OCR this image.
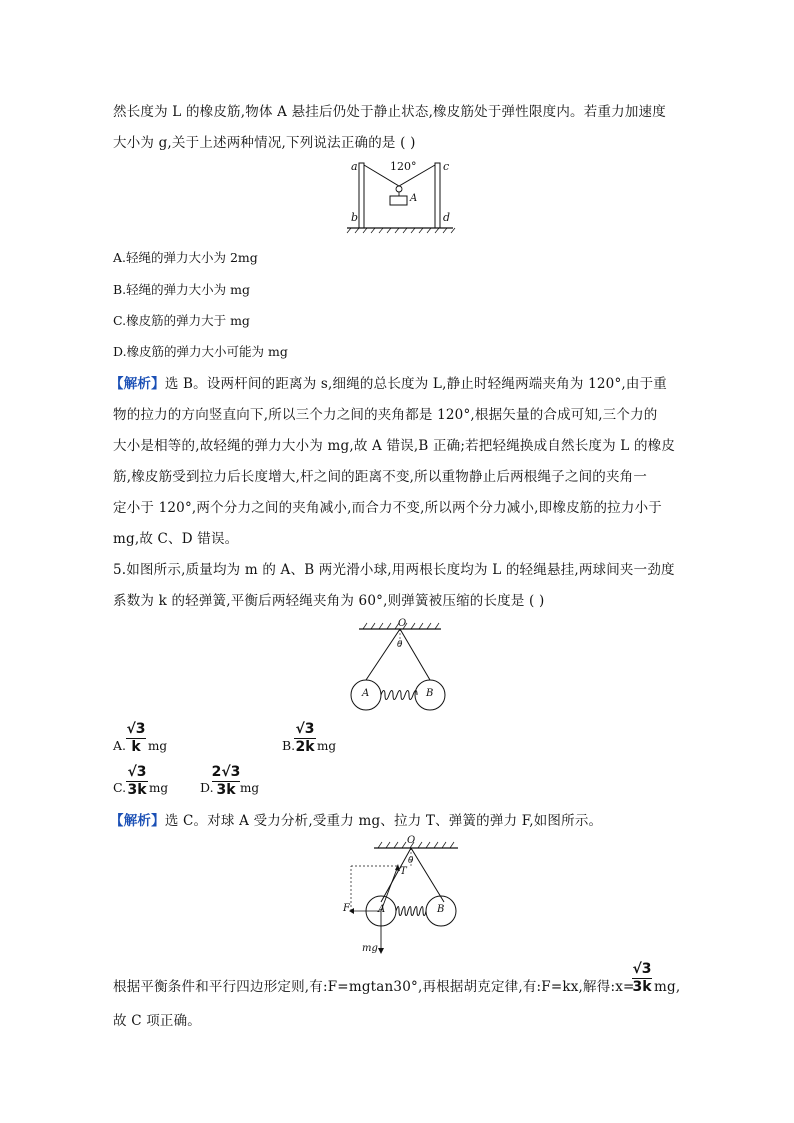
然长度为 L 的橡皮筋,物体 A 悬挂后仍处于静止状态,橡皮筋处于弹性限度内。若重力加速度
大小为 g,关于上述两种情况,下列说法正确的是 ( )
120°
a
b
c
d
A
A.轻绳的弹力大小为 2mg
B.轻绳的弹力大小为 mg
C.橡皮筋的弹力大于 mg
D.橡皮筋的弹力大小可能为 mg
【解析】选 B。设两杆间的距离为 s,细绳的总长度为 L,静止时轻绳两端夹角为 120°,由于重
物的拉力的方向竖直向下,所以三个力之间的夹角都是 120°,根据矢量的合成可知,三个力的
大小是相等的,故轻绳的弹力大小为 mg,故 A 错误,B 正确;若把轻绳换成自然长度为 L 的橡皮
筋,橡皮筋受到拉力后长度增大,杆之间的距离不变,所以重物静止后两根绳子之间的夹角一
定小于 120°,两个分力之间的夹角减小,而合力不变,所以两个分力减小,即橡皮筋的拉力小于
mg,故 C、D 错误。
5.如图所示,质量均为 m 的 A、B 两光滑小球,用两根长度均为 L 的轻绳悬挂,两球间夹一劲度
系数为 k 的轻弹簧,平衡后两轻绳夹角为 60°,则弹簧被压缩的长度是 ( )
O
θ
A	B
A.
√3
k mg	B.
√3
2k mg
C.
√3
3k mg	D.
2√3
3k mg
【解析】选 C。对球 A 受力分析,受重力 mg、拉力 T、弹簧的弹力 F,如图所示。
O
θ
T
F	A	B
mg
根据平衡条件和平行四边形定则,有:F=mgtan30°,再根据胡克定律,有:F=kx,解得:x=
√3
3k mg,
故 C 项正确。
